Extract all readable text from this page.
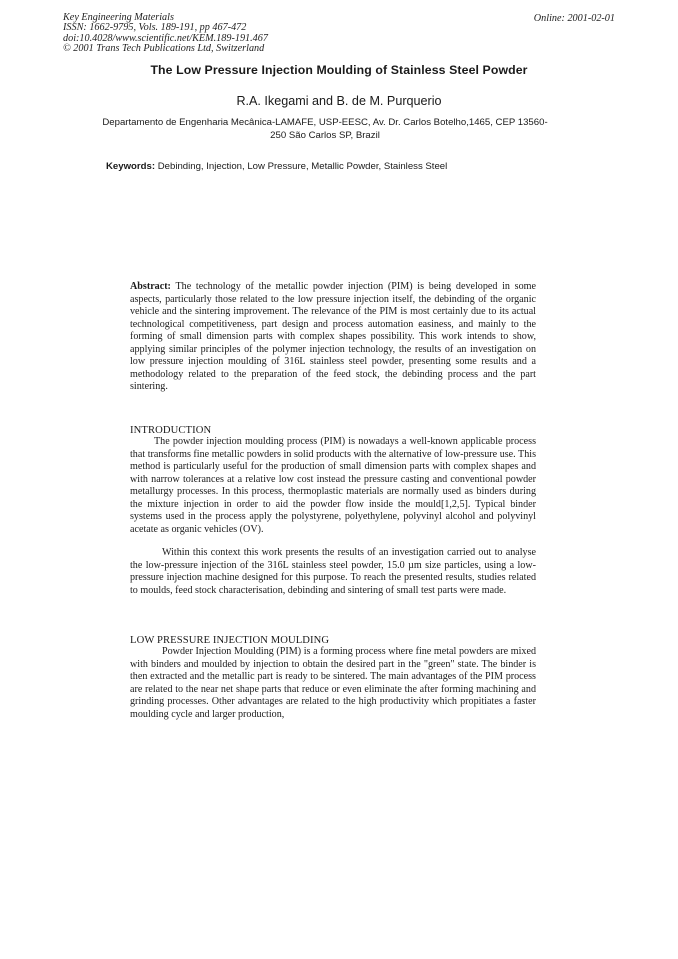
Key Engineering Materials
ISSN: 1662-9795, Vols. 189-191, pp 467-472
doi:10.4028/www.scientific.net/KEM.189-191.467
© 2001 Trans Tech Publications Ltd, Switzerland
Online: 2001-02-01
The Low Pressure Injection Moulding of Stainless Steel Powder
R.A. Ikegami and B. de M. Purquerio
Departamento de Engenharia Mecânica-LAMAFE, USP-EESC, Av. Dr. Carlos Botelho,1465, CEP 13560-250 São Carlos SP, Brazil
Keywords: Debinding, Injection, Low Pressure, Metallic Powder, Stainless Steel
Abstract: The technology of the metallic powder injection (PIM) is being developed in some aspects, particularly those related to the low pressure injection itself, the debinding of the organic vehicle and the sintering improvement. The relevance of the PIM is most certainly due to its actual technological competitiveness, part design and process automation easiness, and mainly to the forming of small dimension parts with complex shapes possibility. This work intends to show, applying similar principles of the polymer injection technology, the results of an investigation on low pressure injection moulding of 316L stainless steel powder, presenting some results and a methodology related to the preparation of the feed stock, the debinding process and the part sintering.
INTRODUCTION
The powder injection moulding process (PIM) is nowadays a well-known applicable process that transforms fine metallic powders in solid products with the alternative of low-pressure use. This method is particularly useful for the production of small dimension parts with complex shapes and with narrow tolerances at a relative low cost instead the pressure casting and conventional powder metallurgy processes. In this process, thermoplastic materials are normally used as binders during the mixture injection in order to aid the powder flow inside the mould[1,2,5]. Typical binder systems used in the process apply the polystyrene, polyethylene, polyvinyl alcohol and polyvinyl acetate as organic vehicles (OV).
Within this context this work presents the results of an investigation carried out to analyse the low-pressure injection of the 316L stainless steel powder, 15.0 µm size particles, using a low-pressure injection machine designed for this purpose. To reach the presented results, studies related to moulds, feed stock characterisation, debinding and sintering of small test parts were made.
LOW PRESSURE INJECTION MOULDING
Powder Injection Moulding (PIM) is a forming process where fine metal powders are mixed with binders and moulded by injection to obtain the desired part in the "green" state. The binder is then extracted and the metallic part is ready to be sintered. The main advantages of the PIM process are related to the near net shape parts that reduce or even eliminate the after forming machining and grinding processes. Other advantages are related to the high productivity which propitiates a faster moulding cycle and larger production,
